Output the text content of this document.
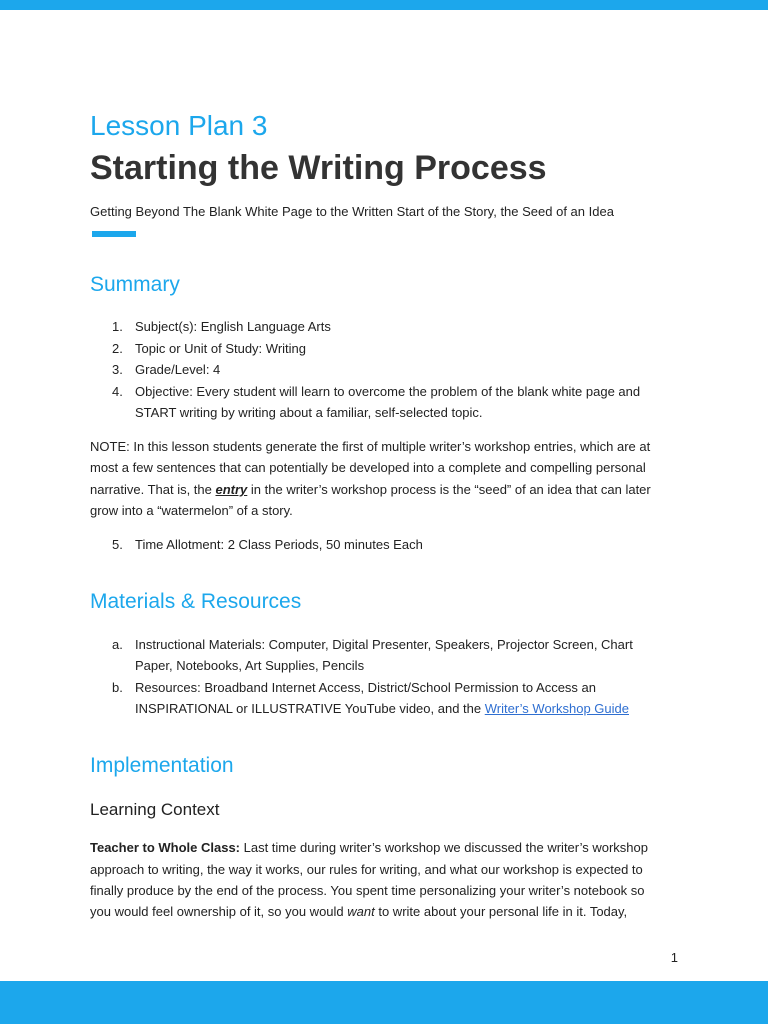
Lesson Plan 3
Starting the Writing Process

Getting Beyond The Blank White Page to the Written Start of the Story, the Seed of an Idea

Summary
1. Subject(s): English Language Arts
2. Topic or Unit of Study: Writing
3. Grade/Level: 4
4. Objective: Every student will learn to overcome the problem of the blank white page and
START writing by writing about a familiar, self-selected topic.

NOTE: In this lesson students generate the first of multiple writer’s workshop entries, which are at

most a few sentences that can potentially be developed into a complete and compelling personal

narrative. That is, the entry in the writer’s workshop process is the “seed” of an idea that can later

grow into a “watermelon” of a story.

5. Time Allotment: 2 Class Periods, 50 minutes Each
Materials & Resources
a. Instructional Materials: Computer, Digital Presenter, Speakers, Projector Screen, Chart
Paper, Notebooks, Art Supplies, Pencils
b. Resources: Broadband Internet Access, District/School Permission to Access an
INSPIRATIONAL or ILLUSTRATIVE YouTube video, and the Writer’s Workshop Guide
Implementation
Learning Context

Teacher to Whole Class: Last time during writer’s workshop we discussed the writer’s workshop

approach to writing, the way it works, our rules for writing, and what our workshop is expected to

finally produce by the end of the process. You spent time personalizing your writer’s notebook so

you would feel ownership of it, so you would want to write about your personal life in it. Today,

1
